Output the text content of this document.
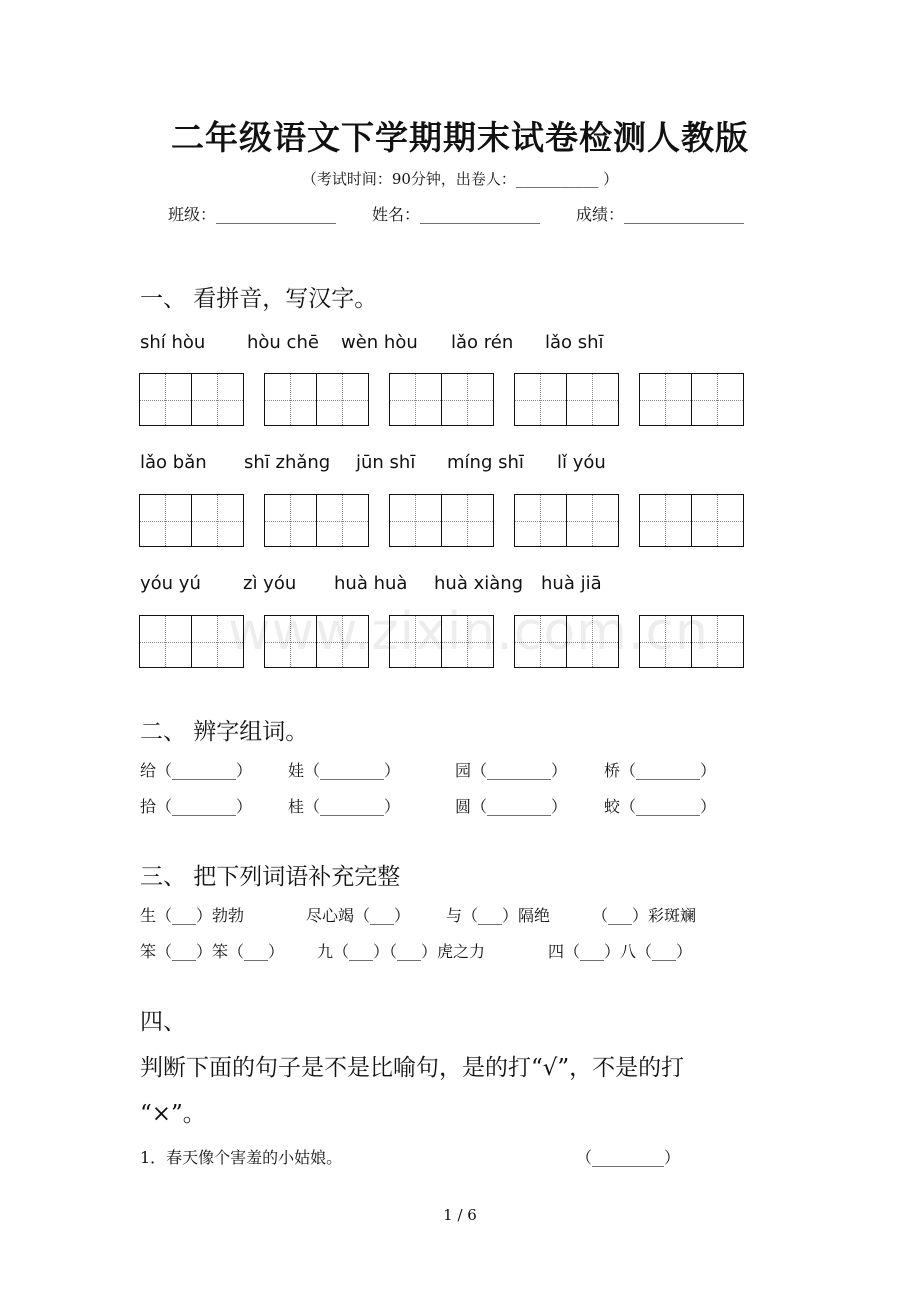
二年级语文下学期期末试卷检测人教版
（考试时间：90分钟，出卷人：___________ ）
班级：_______________ 姓名：_______________ 成绩：_______________
一、 看拼音，写汉字。
shí hòu hòu chē wèn hòu lǎo rén lǎo shī
lǎo bǎn shī zhǎng jūn shī míng shī lǐ yóu
yóu yú zì yóu huà huà huà xiàng huà jiā
www.zixin.com.cn
二、 辨字组词。
给（________） 娃（________）	园（________） 桥（________）
拾（________） 桂（________）	圆（________） 蛟（________）
三、 把下列词语补充完整
生（___）勃勃	尽心竭（___） 与（___）隔绝	（___）彩斑斓
笨（___）笨（___） 九（___）（___）虎之力	四（___）八（___）
四、
判断下面的句子是不是比喻句，是的打“√”，不是的打
“×”。
1．春天像个害羞的小姑娘。	（_________）
1 / 6
